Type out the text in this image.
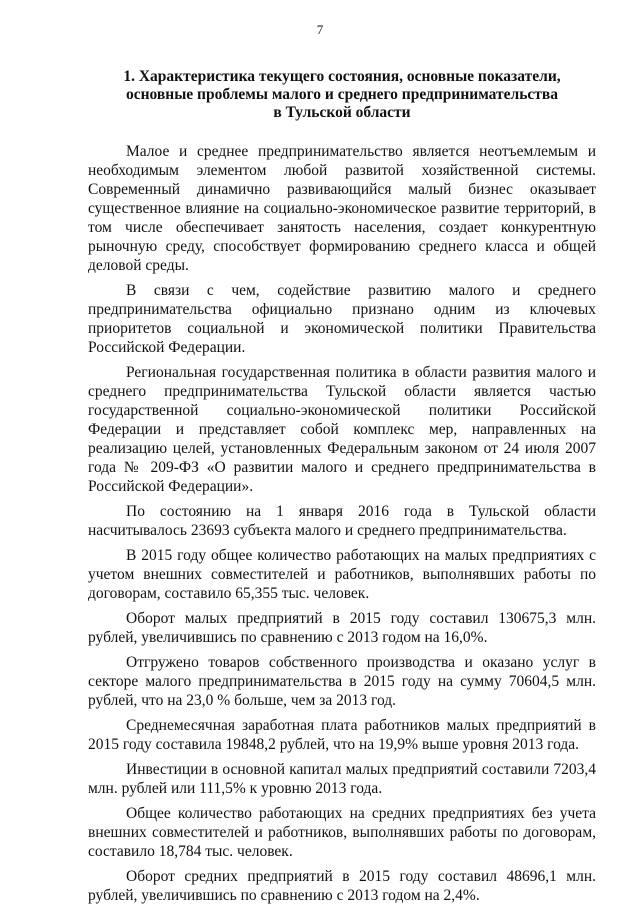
7
1. Характеристика текущего состояния, основные показатели,
основные проблемы малого и среднего предпринимательства
в Тульской области

Малое и среднее предпринимательство является неотъемлемым и необходимым элементом любой развитой хозяйственной системы. Современный динамично развивающийся малый бизнес оказывает существенное влияние на социально-экономическое развитие территорий, в том числе обеспечивает занятость населения, создает конкурентную рыночную среду, способствует формированию среднего класса и общей деловой среды.

В связи с чем, содействие развитию малого и среднего предпринимательства официально признано одним из ключевых приоритетов социальной и экономической политики Правительства Российской Федерации.

Региональная государственная политика в области развития малого и среднего предпринимательства Тульской области является частью государственной социально-экономической политики Российской Федерации и представляет собой комплекс мер, направленных на реализацию целей, установленных Федеральным законом от 24 июля 2007 года № 209-ФЗ «О развитии малого и среднего предпринимательства в Российской Федерации».

По состоянию на 1 января 2016 года в Тульской области насчитывалось 23693 субъекта малого и среднего предпринимательства.

В 2015 году общее количество работающих на малых предприятиях с учетом внешних совместителей и работников, выполнявших работы по договорам, составило 65,355 тыс. человек.

Оборот малых предприятий в 2015 году составил 130675,3 млн. рублей, увеличившись по сравнению с 2013 годом на 16,0%.

Отгружено товаров собственного производства и оказано услуг в секторе малого предпринимательства в 2015 году на сумму 70604,5 млн. рублей, что на 23,0 % больше, чем за 2013 год.

Среднемесячная заработная плата работников малых предприятий в 2015 году составила 19848,2 рублей, что на 19,9% выше уровня 2013 года.

Инвестиции в основной капитал малых предприятий составили 7203,4 млн. рублей или 111,5% к уровню 2013 года.

Общее количество работающих на средних предприятиях без учета внешних совместителей и работников, выполнявших работы по договорам, составило 18,784 тыс. человек.

Оборот средних предприятий в 2015 году составил 48696,1 млн. рублей, увеличившись по сравнению с 2013 годом на 2,4%.
